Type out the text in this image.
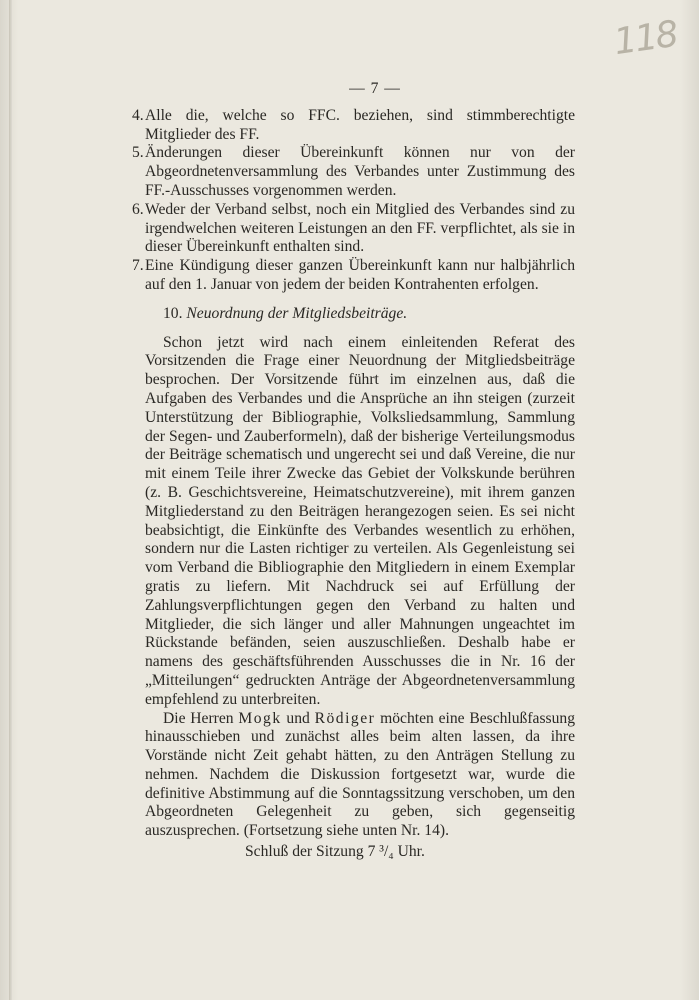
118
— 7 —
4. Alle die, welche so FFC. beziehen, sind stimmberechtigte Mitglieder des FF.
5. Änderungen dieser Übereinkunft können nur von der Abgeordnetenversammlung des Verbandes unter Zustimmung des FF.-Ausschusses vorgenommen werden.
6. Weder der Verband selbst, noch ein Mitglied des Verbandes sind zu irgendwelchen weiteren Leistungen an den FF. verpflichtet, als sie in dieser Übereinkunft enthalten sind.
7. Eine Kündigung dieser ganzen Übereinkunft kann nur halbjährlich auf den 1. Januar von jedem der beiden Kontrahenten erfolgen.
10. Neuordnung der Mitgliedsbeiträge.

Schon jetzt wird nach einem einleitenden Referat des Vorsitzenden die Frage einer Neuordnung der Mitgliedsbeiträge besprochen. Der Vorsitzende führt im einzelnen aus, daß die Aufgaben des Verbandes und die Ansprüche an ihn steigen (zurzeit Unterstützung der Bibliographie, Volksliedsammlung, Sammlung der Segen- und Zauberformeln), daß der bisherige Verteilungsmodus der Beiträge schematisch und ungerecht sei und daß Vereine, die nur mit einem Teile ihrer Zwecke das Gebiet der Volkskunde berühren (z. B. Geschichtsvereine, Heimatschutzvereine), mit ihrem ganzen Mitgliederstand zu den Beiträgen herangezogen seien. Es sei nicht beabsichtigt, die Einkünfte des Verbandes wesentlich zu erhöhen, sondern nur die Lasten richtiger zu verteilen. Als Gegenleistung sei vom Verband die Bibliographie den Mitgliedern in einem Exemplar gratis zu liefern. Mit Nachdruck sei auf Erfüllung der Zahlungsverpflichtungen gegen den Verband zu halten und Mitglieder, die sich länger und aller Mahnungen ungeachtet im Rückstande befänden, seien auszuschließen. Deshalb habe er namens des geschäftsführenden Ausschusses die in Nr. 16 der „Mitteilungen“ gedruckten Anträge der Abgeordnetenversammlung empfehlend zu unterbreiten.

Die Herren Mogk und Rödiger möchten eine Beschlußfassung hinausschieben und zunächst alles beim alten lassen, da ihre Vorstände nicht Zeit gehabt hätten, zu den Anträgen Stellung zu nehmen. Nachdem die Diskussion fortgesetzt war, wurde die definitive Abstimmung auf die Sonntagssitzung verschoben, um den Abgeordneten Gelegenheit zu geben, sich gegenseitig auszusprechen. (Fortsetzung siehe unten Nr. 14).

Schluß der Sitzung 7 ³/₄ Uhr.
